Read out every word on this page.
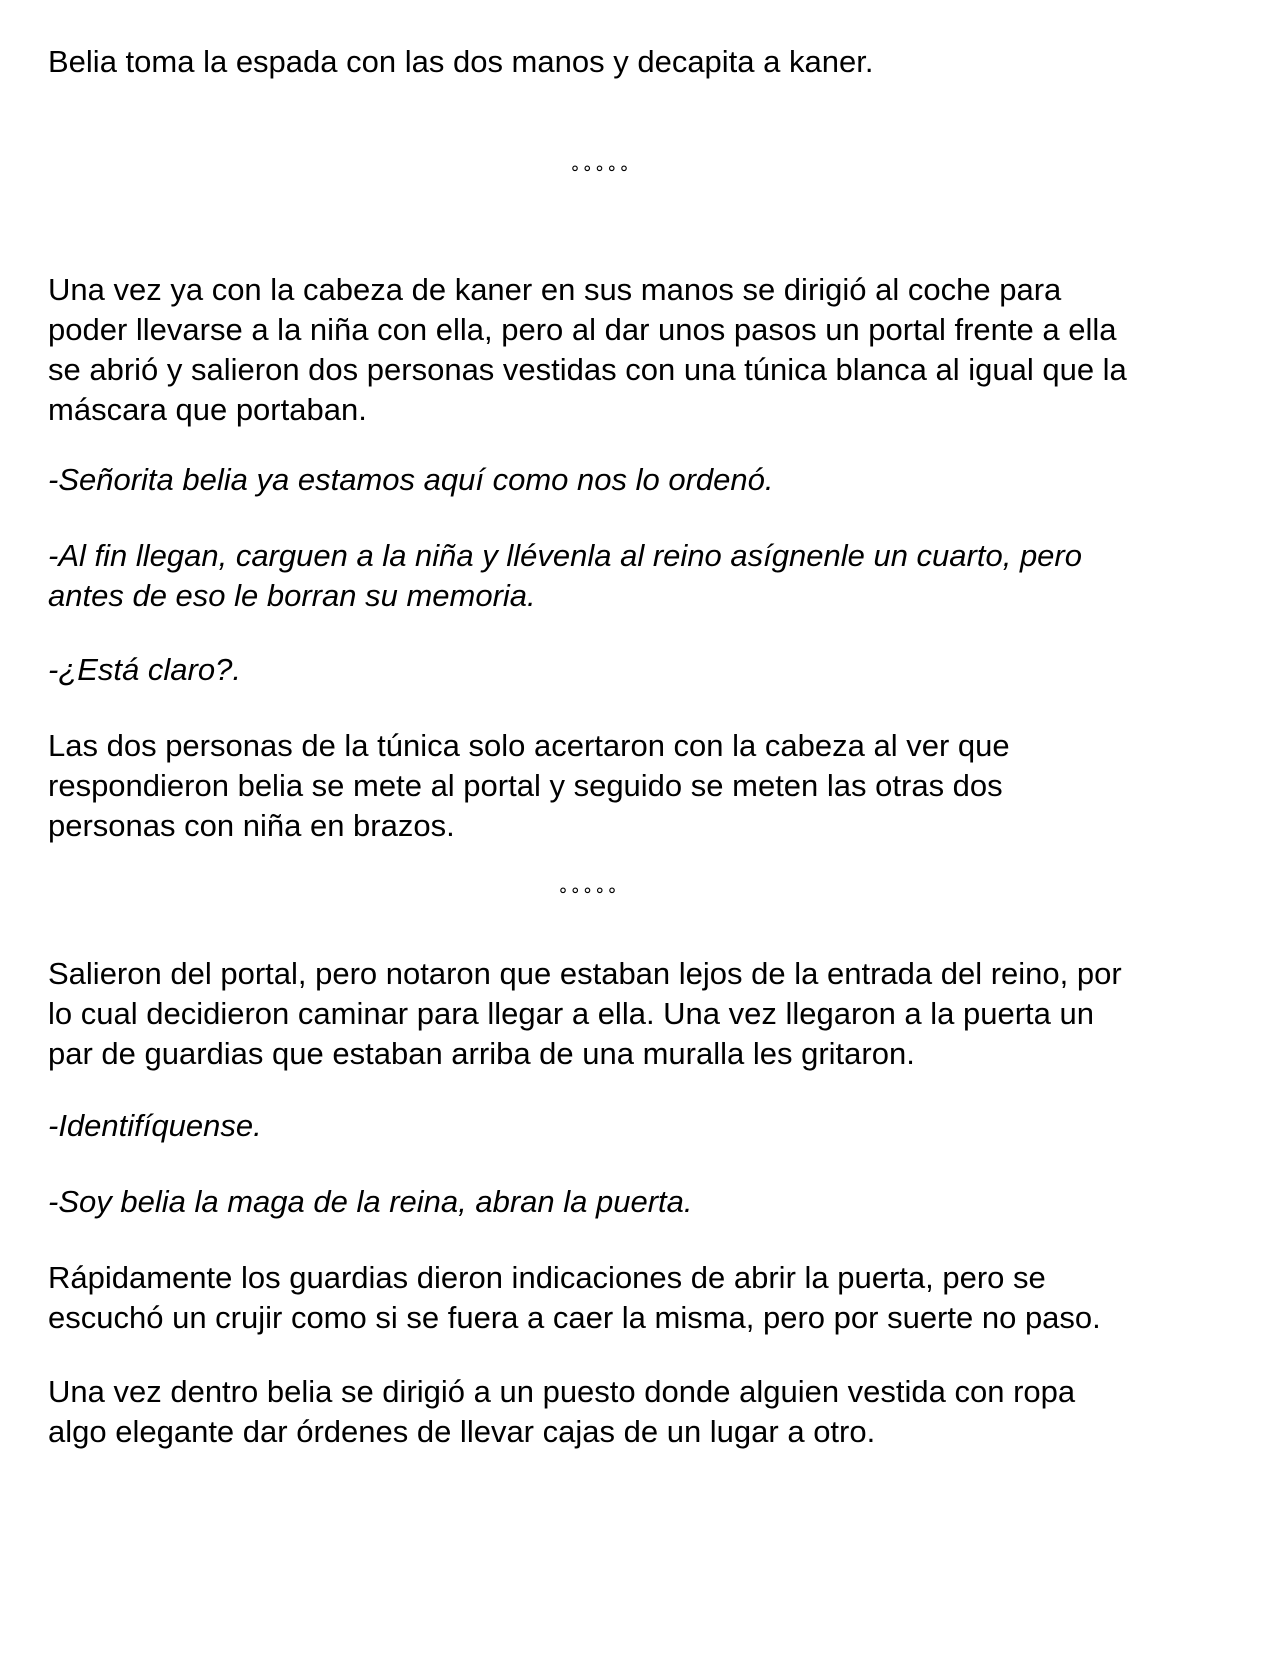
Belia toma la espada con las dos manos y decapita a kaner.

∘∘∘∘∘

Una vez ya con la cabeza de kaner en sus manos se dirigió al coche para
poder llevarse a la niña con ella, pero al dar unos pasos un portal frente a ella
se abrió y salieron dos personas vestidas con una túnica blanca al igual que la
máscara que portaban.

-Señorita belia ya estamos aquí como nos lo ordenó.

-Al fin llegan, carguen a la niña y llévenla al reino asígnenle un cuarto, pero
antes de eso le borran su memoria.

-¿Está claro?.

Las dos personas de la túnica solo acertaron con la cabeza al ver que
respondieron belia se mete al portal y seguido se meten las otras dos
personas con niña en brazos.

∘∘∘∘∘

Salieron del portal, pero notaron que estaban lejos de la entrada del reino, por
lo cual decidieron caminar para llegar a ella. Una vez llegaron a la puerta un
par de guardias que estaban arriba de una muralla les gritaron.

-Identifíquense.

-Soy belia la maga de la reina, abran la puerta.

Rápidamente los guardias dieron indicaciones de abrir la puerta, pero se
escuchó un crujir como si se fuera a caer la misma, pero por suerte no paso.

Una vez dentro belia se dirigió a un puesto donde alguien vestida con ropa
algo elegante dar órdenes de llevar cajas de un lugar a otro.
